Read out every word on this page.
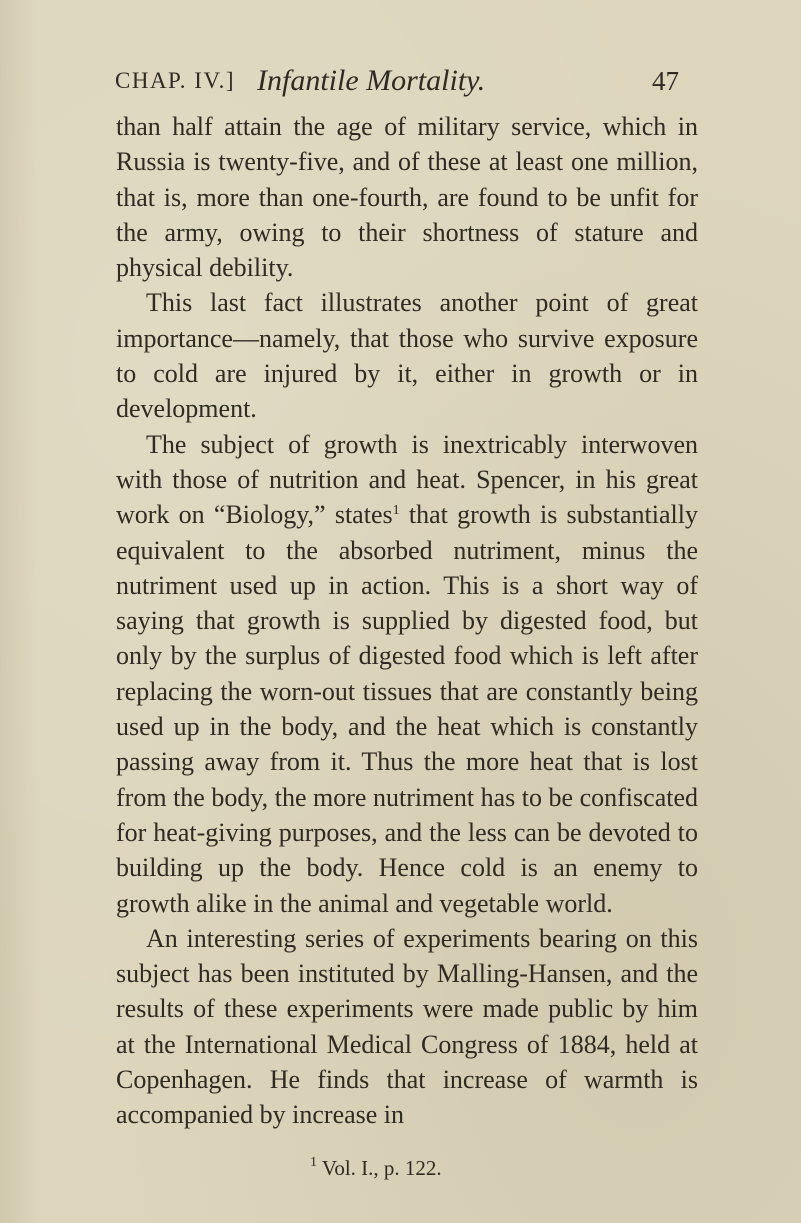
CHAP. IV.] Infantile Mortality.	47

than half attain the age of military service, which in Russia is twenty-five, and of these at least one million, that is, more than one-fourth, are found to be unfit for the army, owing to their shortness of stature and physical debility.

This last fact illustrates another point of great importance—namely, that those who survive exposure to cold are injured by it, either in growth or in development.

The subject of growth is inextricably interwoven with those of nutrition and heat. Spencer, in his great work on “Biology,” states$^1$ that growth is substantially equivalent to the absorbed nutriment, minus the nutriment used up in action. This is a short way of saying that growth is supplied by digested food, but only by the surplus of digested food which is left after replacing the worn-out tissues that are constantly being used up in the body, and the heat which is constantly passing away from it. Thus the more heat that is lost from the body, the more nutriment has to be confiscated for heat-giving purposes, and the less can be devoted to building up the body. Hence cold is an enemy to growth alike in the animal and vegetable world.

An interesting series of experiments bearing on this subject has been instituted by Malling-Hansen, and the results of these experiments were made public by him at the International Medical Congress of 1884, held at Copenhagen. He finds that increase of warmth is accompanied by increase in

$^1$ Vol. I., p. 122.
